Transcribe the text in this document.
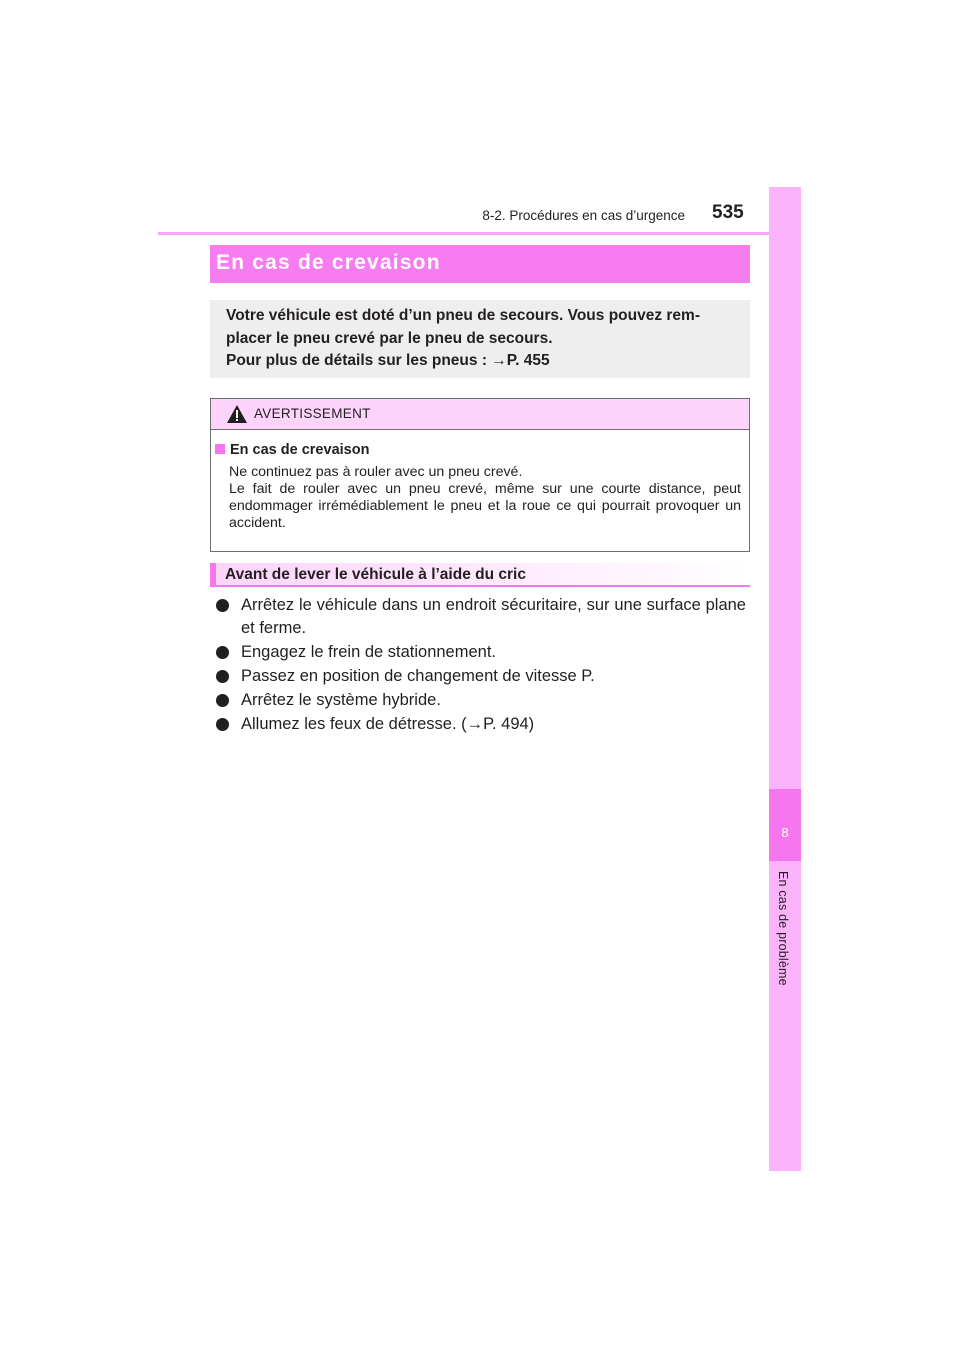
8-2. Procédures en cas d’urgence 535
8
En cas de problème
En cas de crevaison
Votre véhicule est doté d’un pneu de secours. Vous pouvez rem-
placer le pneu crevé par le pneu de secours.
Pour plus de détails sur les pneus : →P. 455
AVERTISSEMENT
En cas de crevaison

Ne continuez pas à rouler avec un pneu crevé.

Le fait de rouler avec un pneu crevé, même sur une courte distance, peut endommager irrémédiablement le pneu et la roue ce qui pourrait provoquer un accident.

Avant de lever le véhicule à l’aide du cric
Arrêtez le véhicule dans un endroit sécuritaire, sur une surface plane et ferme.
Engagez le frein de stationnement.
Passez en position de changement de vitesse P.
Arrêtez le système hybride.
Allumez les feux de détresse. (→P. 494)
